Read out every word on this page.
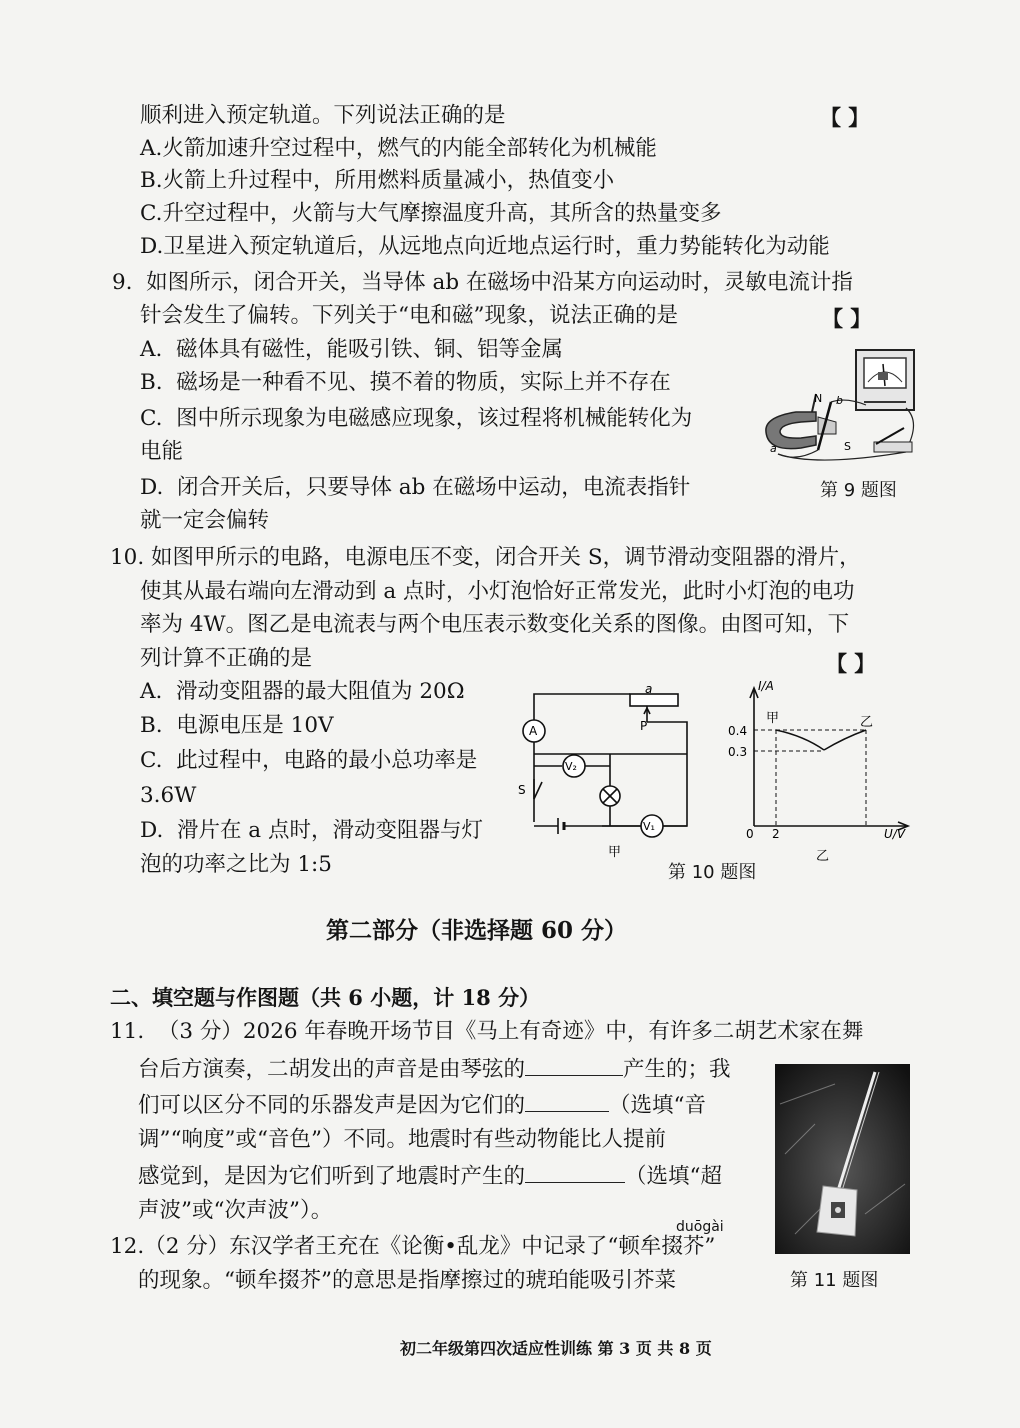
顺利进入预定轨道。下列说法正确的是	【 】
A.火箭加速升空过程中，燃气的内能全部转化为机械能
B.火箭上升过程中，所用燃料质量减小，热值变小
C.升空过程中，火箭与大气摩擦温度升高，其所含的热量变多
D.卫星进入预定轨道后，从远地点向近地点运行时，重力势能转化为动能
9.  如图所示，闭合开关，当导体 ab 在磁场中沿某方向运动时，灵敏电流计指
针会发生了偏转。下列关于“电和磁”现象，说法正确的是	【 】
A.  磁体具有磁性，能吸引铁、铜、铝等金属
B.  磁场是一种看不见、摸不着的物质，实际上并不存在
C.  图中所示现象为电磁感应现象，该过程将机械能转化为
电能
D.  闭合开关后，只要导体 ab 在磁场中运动，电流表指针
就一定会偏转
N
S
a
b
第 9 题图
10. 如图甲所示的电路，电源电压不变，闭合开关 S，调节滑动变阻器的滑片，
使其从最右端向左滑动到 a 点时，小灯泡恰好正常发光，此时小灯泡的电功
率为 4W。图乙是电流表与两个电压表示数变化关系的图像。由图可知，下
列计算不正确的是	【 】
A.  滑动变阻器的最大阻值为 20Ω
B.  电源电压是 10V
C.  此过程中，电路的最小总功率是
3.6W
D.  滑片在 a 点时，滑动变阻器与灯
泡的功率之比为 1:5
a
P
A
V₂
V₁
S
甲
I/A
U/V
0.4
0.3
0 2
甲	乙
乙
第 10 题图
第二部分（非选择题 60 分）
二、填空题与作图题（共 6 小题，计 18 分）
11.  （3 分）2026 年春晚开场节目《马上有奇迹》中，有许多二胡艺术家在舞
台后方演奏，二胡发出的声音是由琴弦的	产生的；我
们可以区分不同的乐器发声是因为它们的	（选填“音
调”“响度”或“音色”）不同。地震时有些动物能比人提前
感觉到，是因为它们听到了地震时产生的	（选填“超
声波”或“次声波”）。
第 11 题图
duōgài
12.（2 分）东汉学者王充在《论衡•乱龙》中记录了“顿牟掇芥”
的现象。“顿牟掇芥”的意思是指摩擦过的琥珀能吸引芥菜
初二年级第四次适应性训练 第 3 页 共 8 页
